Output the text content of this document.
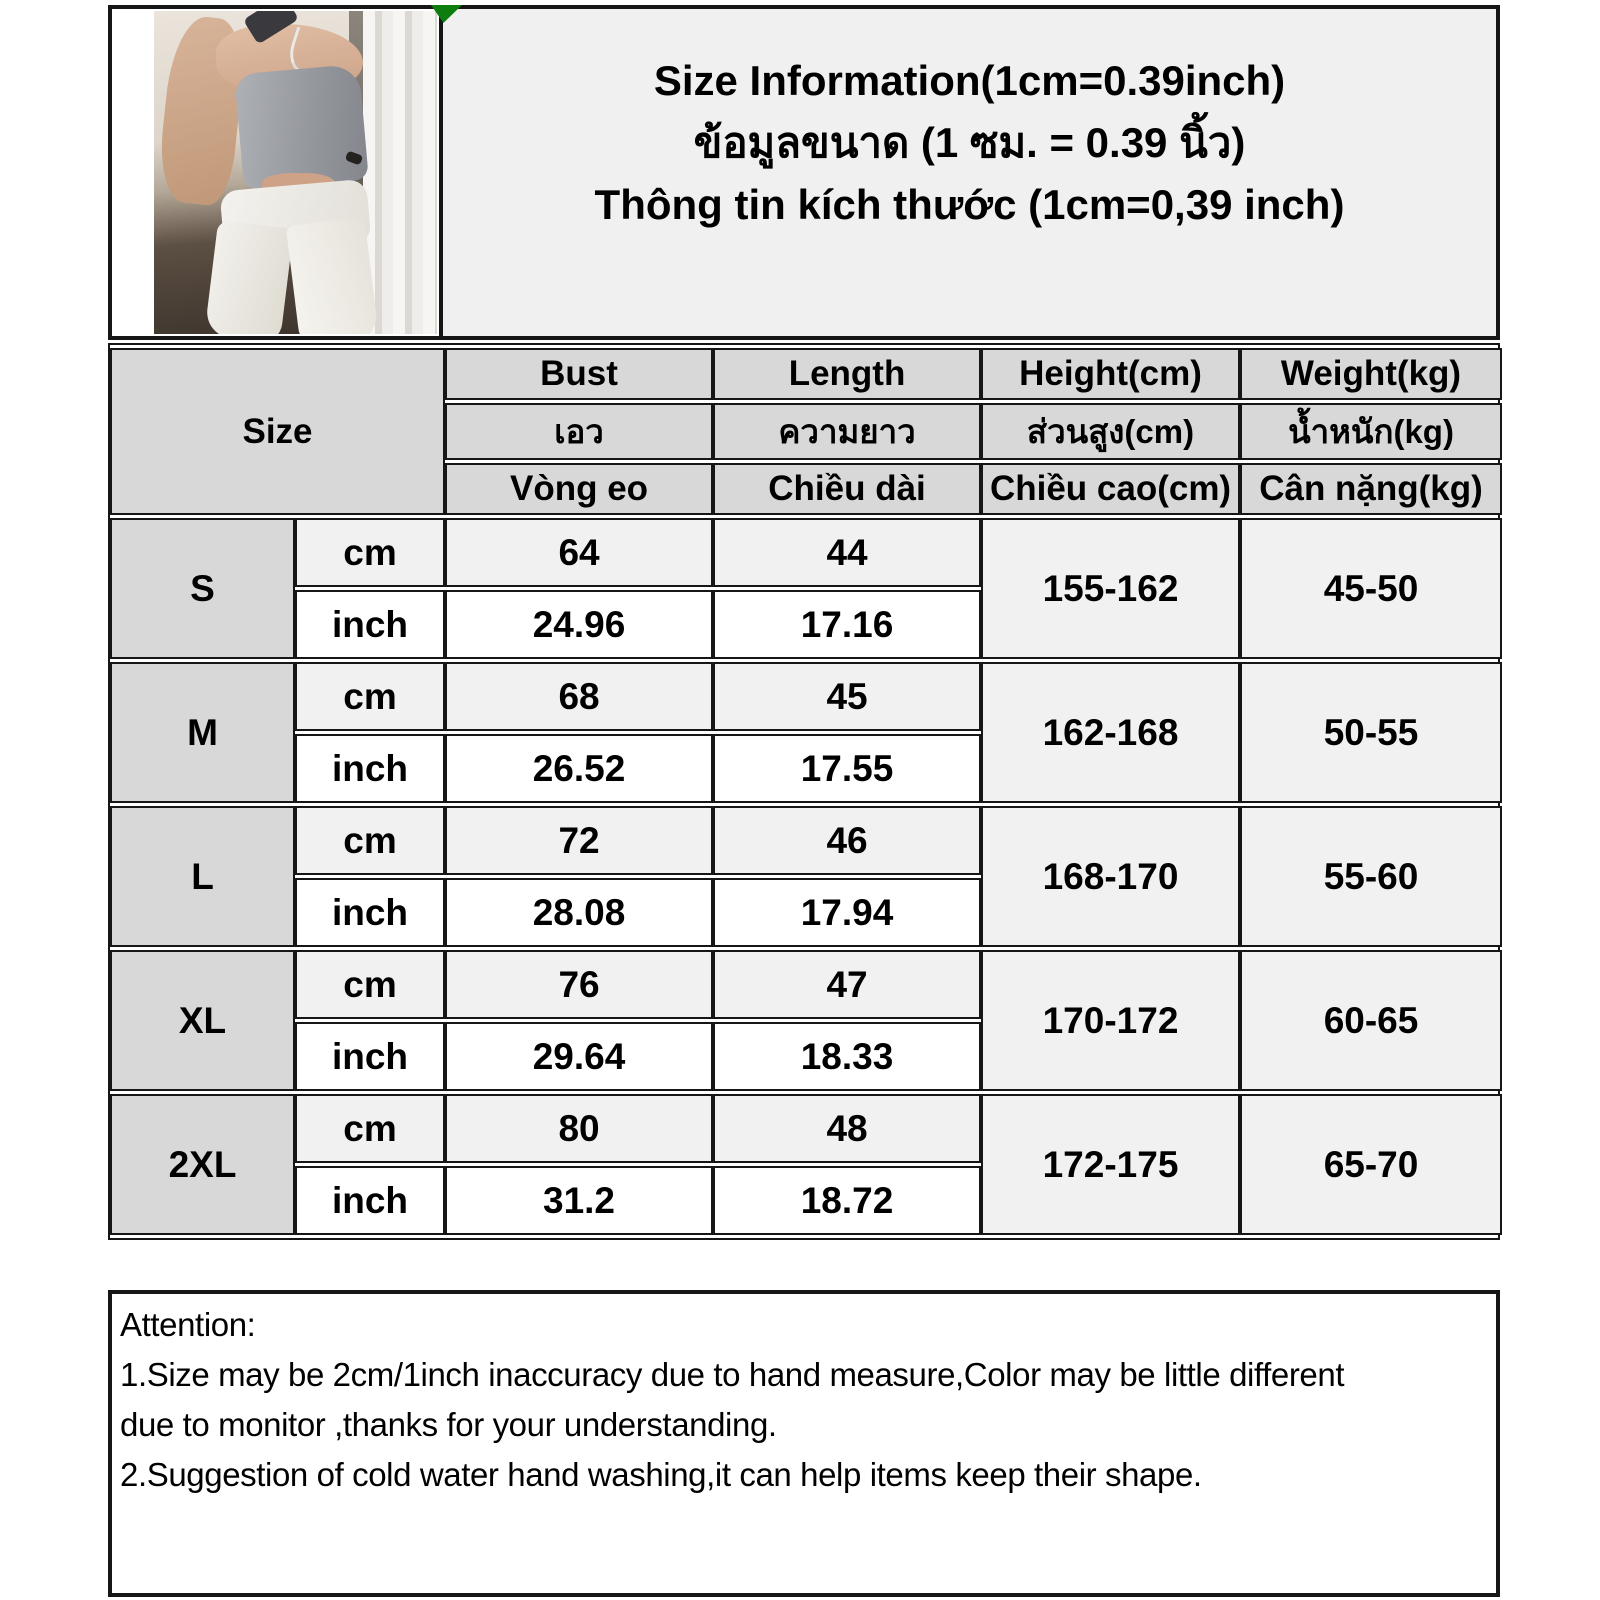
Size Information(1cm=0.39inch)
ข้อมูลขนาด (1 ซม. = 0.39 นิ้ว)
Thông tin kích thước (1cm=0,39 inch)
Size		Bust	Length	Height(cm)	Weight(kg)
		เอว	ความยาว	ส่วนสูง(cm)	น้ำหนัก(kg)
		Vòng eo	Chiều dài	Chiều cao(cm)	Cân nặng(kg)
S	cm	64	44	155-162	45-50
	inch	24.96	17.16		
M	cm	68	45	162-168	50-55
	inch	26.52	17.55		
L	cm	72	46	168-170	55-60
	inch	28.08	17.94		
XL	cm	76	47	170-172	60-65
	inch	29.64	18.33		
2XL	cm	80	48	172-175	65-70
	inch	31.2	18.72		
Attention:
1.Size may be 2cm/1inch inaccuracy due to hand measure,Color may be little different
due to monitor ,thanks for your understanding.
2.Suggestion of cold water hand washing,it can help items keep their shape.
